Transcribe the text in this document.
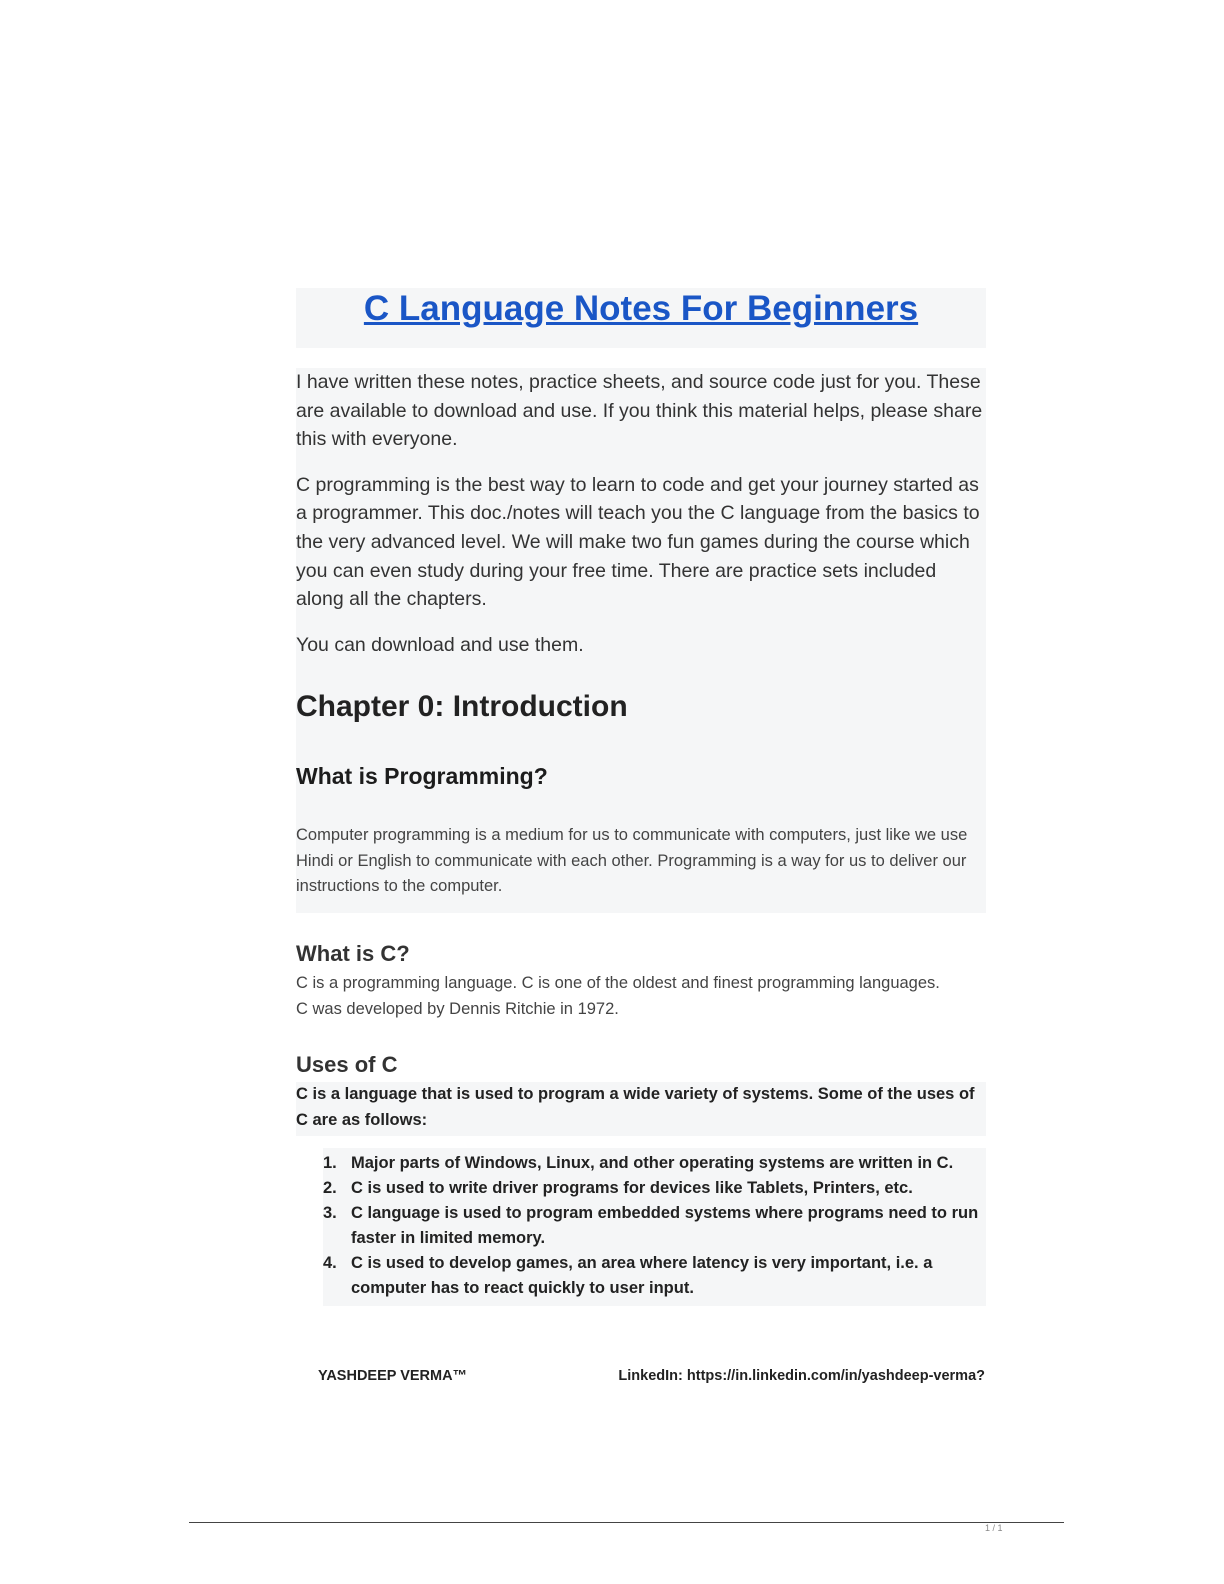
C Language Notes For Beginners

I have written these notes, practice sheets, and source code just for you. These are available to download and use. If you think this material helps, please share this with everyone.

C programming is the best way to learn to code and get your journey started as a programmer. This doc./notes will teach you the C language from the basics to the very advanced level. We will make two fun games during the course which you can even study during your free time. There are practice sets included along all the chapters.

You can download and use them.

Chapter 0: Introduction
What is Programming?

Computer programming is a medium for us to communicate with computers, just like we use Hindi or English to communicate with each other. Programming is a way for us to deliver our instructions to the computer.

What is C?

C is a programming language. C is one of the oldest and finest programming languages. C was developed by Dennis Ritchie in 1972.

Uses of C

C is a language that is used to program a wide variety of systems. Some of the uses of C are as follows:

1. Major parts of Windows, Linux, and other operating systems are written in C.
2. C is used to write driver programs for devices like Tablets, Printers, etc.
3. C language is used to program embedded systems where programs need to run faster in limited memory.
4. C is used to develop games, an area where latency is very important, i.e. a computer has to react quickly to user input.
YASHDEEP VERMA™	LinkedIn: https://in.linkedin.com/in/yashdeep-verma?
1 / 1
